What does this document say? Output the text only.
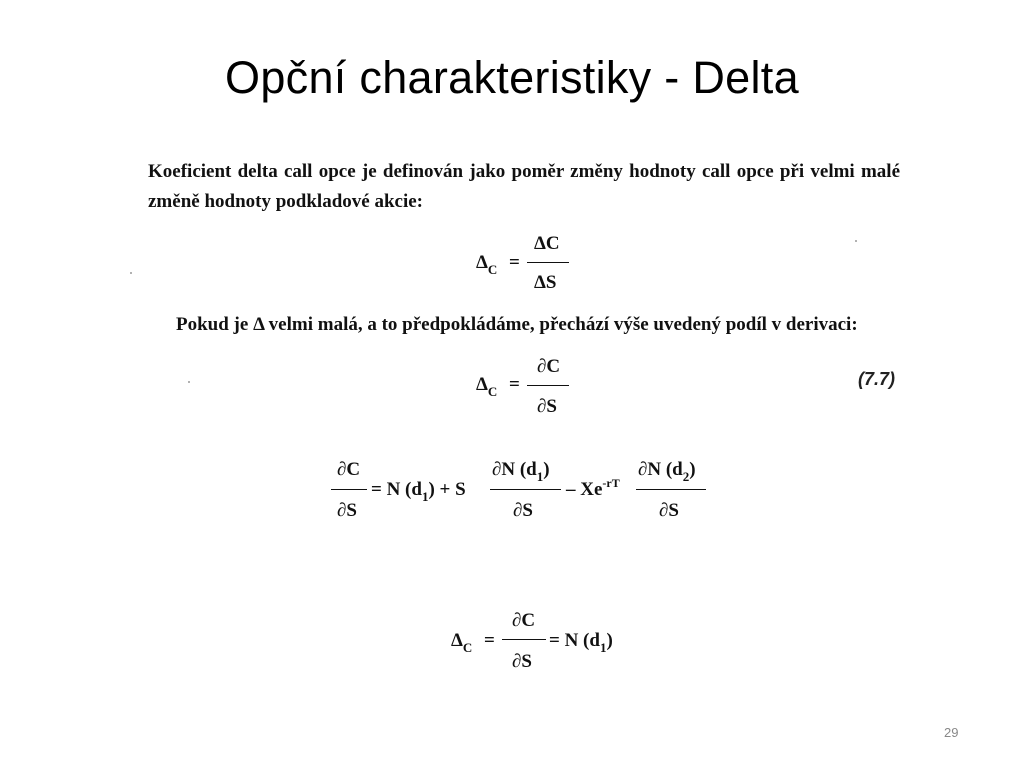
Opční charakteristiky - Delta

Koeficient delta call opce je definován jako poměr změny hodnoty call opce při velmi malé změně hodnoty podkladové akcie:

$\Delta_C$ =
ΔC
ΔS

Pokud je Δ velmi malá, a to předpokládáme, přechází výše uvedený podíl v derivaci:

$\Delta_C$ =
∂C
∂S
(7.7)
∂C
∂S
= N $(d_1) + S$
∂N $(d_1)$
∂S
– $Xe^{-rT}$
∂N $(d_2)$
∂S
$\Delta_C$ =
∂C
∂S
= N $(d_1)$
29
